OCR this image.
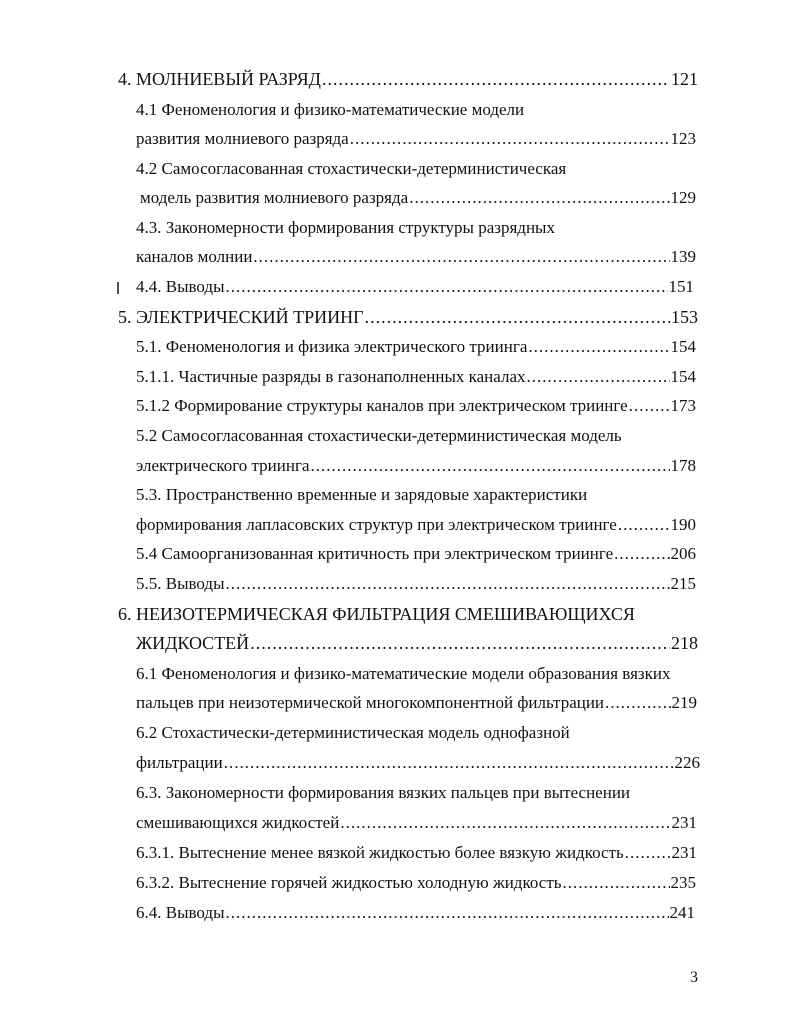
4. МОЛНИЕВЫЙ РАЗРЯД .....	121
4.1 Феноменология и физико-математические модели
развития молниевого разряда .....	123
4.2 Самосогласованная стохастически-детерминистическая
модель развития молниевого разряда .....	129
4.3. Закономерности формирования структуры разрядных
каналов молнии .....	139
4.4. Выводы .....	151
5. ЭЛЕКТРИЧЕСКИЙ ТРИИНГ .....	153
5.1. Феноменология и физика электрического триинга .....	154
5.1.1. Частичные разряды в газонаполненных каналах .....	154
5.1.2 Формирование структуры каналов при электрическом триинге .....	173
5.2 Самосогласованная стохастически-детерминистическая модель
электрического триинга .....	178
5.3. Пространственно временные и зарядовые характеристики
формирования лапласовских структур при электрическом триинге .....	190
5.4 Самоорганизованная критичность при электрическом триинге .....	206
5.5. Выводы .....	215
6. НЕИЗОТЕРМИЧЕСКАЯ ФИЛЬТРАЦИЯ СМЕШИВАЮЩИХСЯ
ЖИДКОСТЕЙ .....	218
6.1 Феноменология и физико-математические модели образования вязких
пальцев при неизотермической многокомпонентной фильтрации .....	219
6.2 Стохастически-детерминистическая модель однофазной
фильтрации .....	226
6.3. Закономерности формирования вязких пальцев при вытеснении
смешивающихся жидкостей .....	231
6.3.1. Вытеснение менее вязкой жидкостью более вязкую жидкость .....	231
6.3.2. Вытеснение горячей жидкостью холодную жидкость .....	235
6.4. Выводы .....	241
3
